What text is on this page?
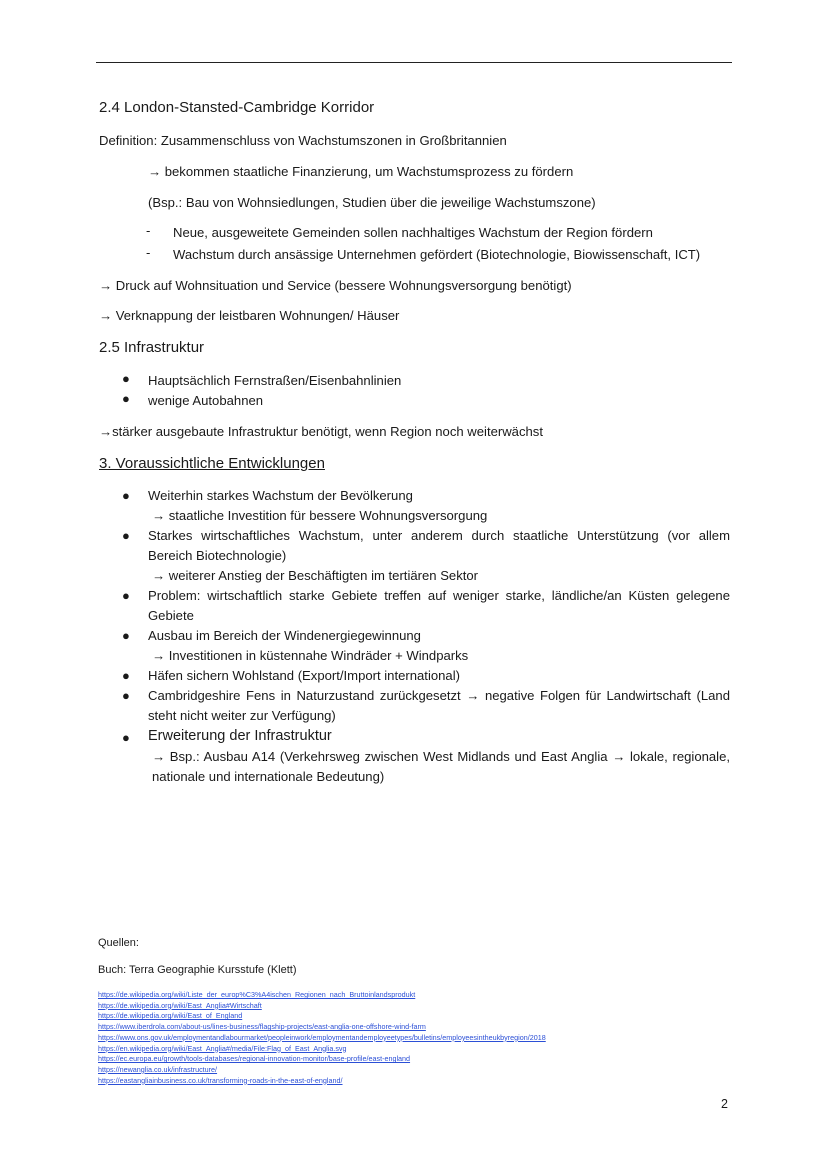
2.4 London-Stansted-Cambridge Korridor
Definition: Zusammenschluss von Wachstumszonen in Großbritannien
→ bekommen staatliche Finanzierung, um Wachstumsprozess zu fördern
(Bsp.: Bau von Wohnsiedlungen, Studien über die jeweilige Wachstumszone)
- Neue, ausgeweitete Gemeinden sollen nachhaltiges Wachstum der Region fördern
- Wachstum durch ansässige Unternehmen gefördert (Biotechnologie, Biowissenschaft, ICT)
→ Druck auf Wohnsituation und Service (bessere Wohnungsversorgung benötigt)
→ Verknappung der leistbaren Wohnungen/ Häuser
2.5 Infrastruktur
● Hauptsächlich Fernstraßen/Eisenbahnlinien
● wenige Autobahnen
→stärker ausgebaute Infrastruktur benötigt, wenn Region noch weiterwächst
3. Voraussichtliche Entwicklungen
● Weiterhin starkes Wachstum der Bevölkerung
→ staatliche Investition für bessere Wohnungsversorgung
● Starkes wirtschaftliches Wachstum, unter anderem durch staatliche Unterstützung (vor allem Bereich Biotechnologie)
→ weiterer Anstieg der Beschäftigten im tertiären Sektor
● Problem: wirtschaftlich starke Gebiete treffen auf weniger starke, ländliche/an Küsten gelegene Gebiete
● Ausbau im Bereich der Windenergiegewinnung
→ Investitionen in küstennahe Windräder + Windparks
● Häfen sichern Wohlstand (Export/Import international)
● Cambridgeshire Fens in Naturzustand zurückgesetzt → negative Folgen für Landwirtschaft (Land steht nicht weiter zur Verfügung)
● Erweiterung der Infrastruktur
→ Bsp.: Ausbau A14 (Verkehrsweg zwischen West Midlands und East Anglia → lokale, regionale, nationale und internationale Bedeutung)
Quellen:
Buch: Terra Geographie Kursstufe (Klett)
https://de.wikipedia.org/wiki/Liste_der_europ%C3%A4ischen_Regionen_nach_Bruttoinlandsprodukt
https://de.wikipedia.org/wiki/East_Anglia#Wirtschaft
https://de.wikipedia.org/wiki/East_of_England
https://www.iberdrola.com/about-us/lines-business/flagship-projects/east-anglia-one-offshore-wind-farm
https://www.ons.gov.uk/employmentandlabourmarket/peopleinwork/employmentandemployeetypes/bulletins/employeesintheukbyregion/2018
https://en.wikipedia.org/wiki/East_Anglia#/media/File:Flag_of_East_Anglia.svg
https://ec.europa.eu/growth/tools-databases/regional-innovation-monitor/base-profile/east-england
https://newanglia.co.uk/infrastructure/
https://eastangliainbusiness.co.uk/transforming-roads-in-the-east-of-england/
2
